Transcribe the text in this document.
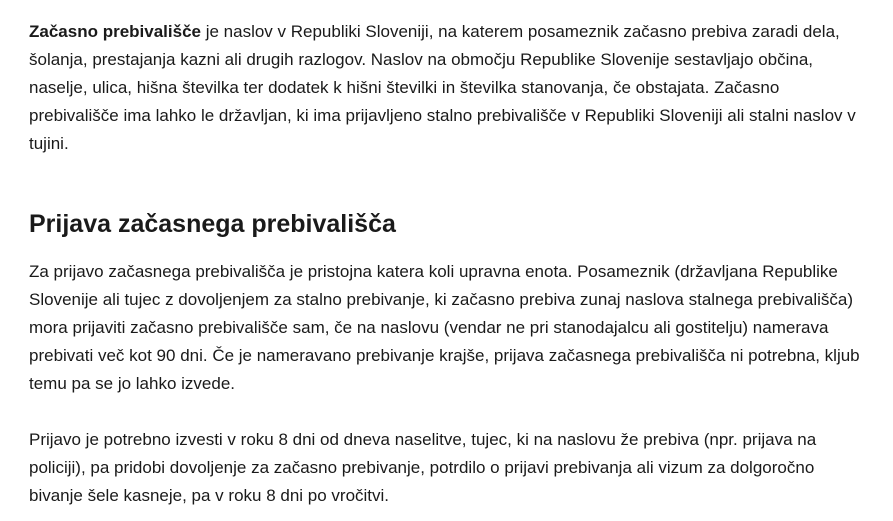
Začasno prebivališče je naslov v Republiki Sloveniji, na katerem posameznik začasno prebiva zaradi dela, šolanja, prestajanja kazni ali drugih razlogov. Naslov na območju Republike Slovenije sestavljajo občina, naselje, ulica, hišna številka ter dodatek k hišni številki in številka stanovanja, če obstajata. Začasno prebivališče ima lahko le državljan, ki ima prijavljeno stalno prebivališče v Republiki Sloveniji ali stalni naslov v tujini.

Prijava začasnega prebivališča

Za prijavo začasnega prebivališča je pristojna katera koli upravna enota. Posameznik (državljana Republike Slovenije ali tujec z dovoljenjem za stalno prebivanje, ki začasno prebiva zunaj naslova stalnega prebivališča) mora prijaviti začasno prebivališče sam, če na naslovu (vendar ne pri stanodajalcu ali gostitelju) namerava prebivati več kot 90 dni. Če je nameravano prebivanje krajše, prijava začasnega prebivališča ni potrebna, kljub temu pa se jo lahko izvede.

Prijavo je potrebno izvesti v roku 8 dni od dneva naselitve, tujec, ki na naslovu že prebiva (npr. prijava na policiji), pa pridobi dovoljenje za začasno prebivanje, potrdilo o prijavi prebivanja ali vizum za dolgoročno bivanje šele kasneje, pa v roku 8 dni po vročitvi.
